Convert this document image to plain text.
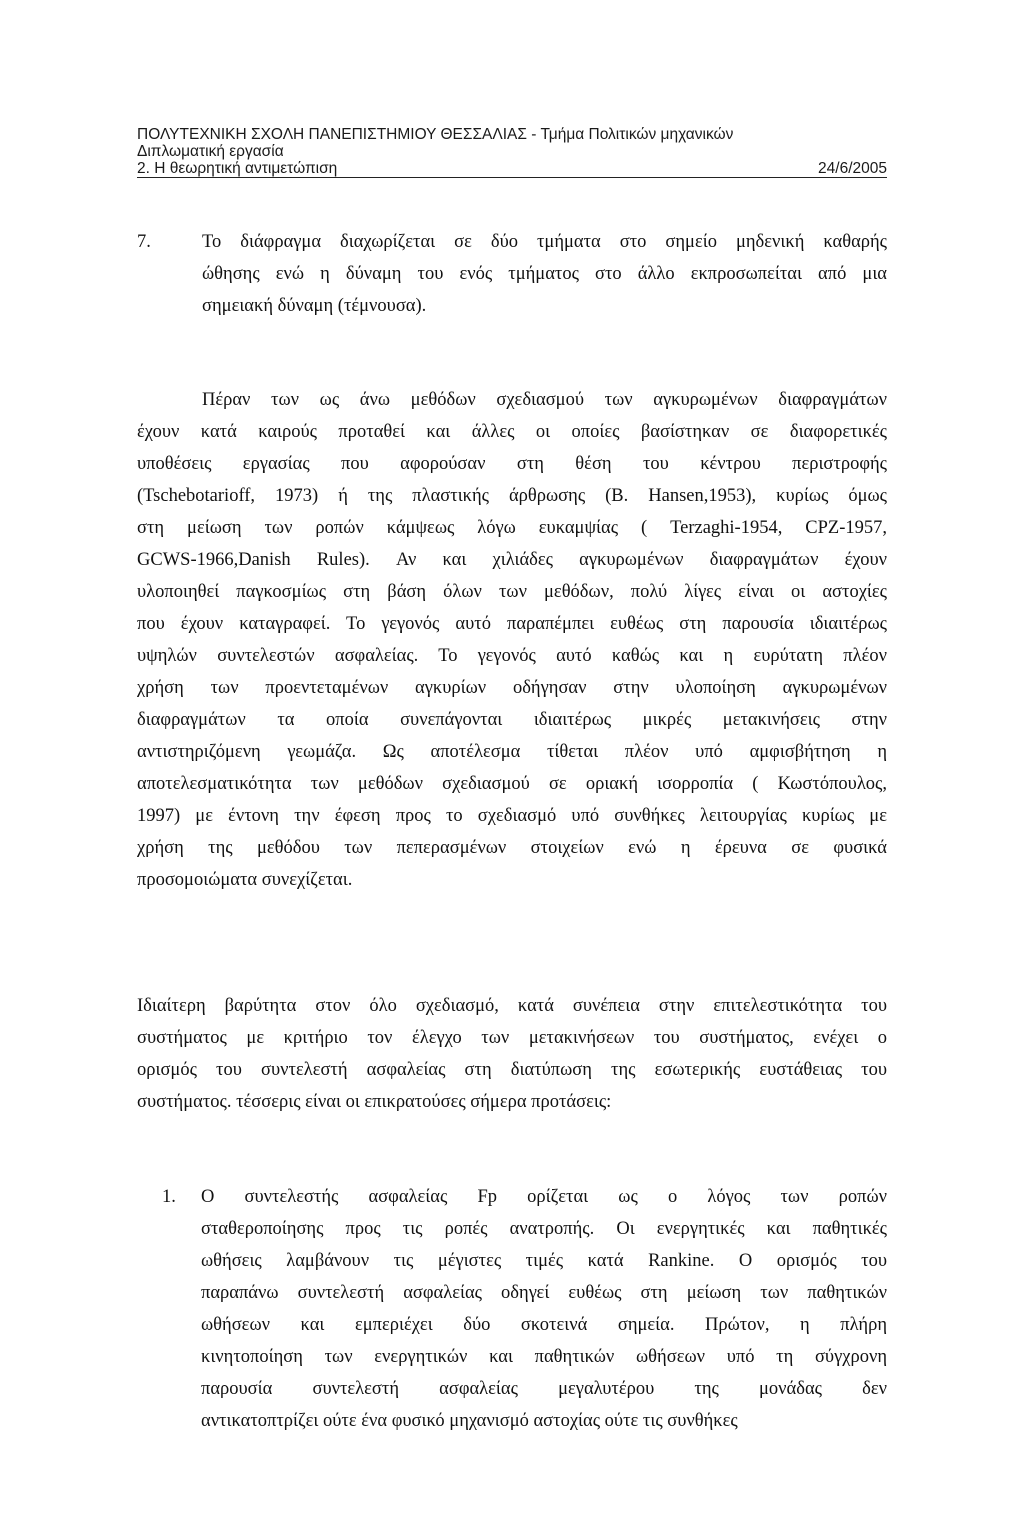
ΠΟΛΥΤΕΧΝΙΚΗ ΣΧΟΛΗ ΠΑΝΕΠΙΣΤΗΜΙΟΥ ΘΕΣΣΑΛΙΑΣ - Τμήμα Πολιτικών μηχανικών
Διπλωματική εργασία
2. Η θεωρητική αντιμετώπιση	24/6/2005
7.	Το διάφραγμα διαχωρίζεται σε δύο τμήματα στο σημείο μηδενική καθαρής
ώθησης ενώ η δύναμη του ενός τμήματος στο άλλο εκπροσωπείται από μια
σημειακή δύναμη (τέμνουσα).
Πέραν των ως άνω μεθόδων σχεδιασμού των αγκυρωμένων διαφραγμάτων
έχουν κατά καιρούς προταθεί και άλλες οι οποίες βασίστηκαν σε διαφορετικές
υποθέσεις εργασίας που αφορούσαν στη θέση του κέντρου περιστροφής
(Tschebotarioff, 1973) ή της πλαστικής άρθρωσης (B. Hansen,1953), κυρίως όμως
στη μείωση των ροπών κάμψεως λόγω ευκαμψίας ( Terzaghi-1954, CPZ-1957,
GCWS-1966,Danish Rules). Αν και χιλιάδες αγκυρωμένων διαφραγμάτων έχουν
υλοποιηθεί παγκοσμίως στη βάση όλων των μεθόδων, πολύ λίγες είναι οι αστοχίες
που έχουν καταγραφεί. Το γεγονός αυτό παραπέμπει ευθέως στη παρουσία ιδιαιτέρως
υψηλών συντελεστών ασφαλείας. Το γεγονός αυτό καθώς και η ευρύτατη πλέον
χρήση των προεντεταμένων αγκυρίων οδήγησαν στην υλοποίηση αγκυρωμένων
διαφραγμάτων τα οποία συνεπάγονται ιδιαιτέρως μικρές μετακινήσεις στην
αντιστηριζόμενη γεωμάζα. Ως αποτέλεσμα τίθεται πλέον υπό αμφισβήτηση η
αποτελεσματικότητα των μεθόδων σχεδιασμού σε οριακή ισορροπία ( Κωστόπουλος,
1997) με έντονη την έφεση προς το σχεδιασμό υπό συνθήκες λειτουργίας κυρίως με
χρήση της μεθόδου των πεπερασμένων στοιχείων ενώ η έρευνα σε φυσικά
προσομοιώματα συνεχίζεται.
Ιδιαίτερη βαρύτητα στον όλο σχεδιασμό, κατά συνέπεια στην επιτελεστικότητα του
συστήματος με κριτήριο τον έλεγχο των μετακινήσεων του συστήματος, ενέχει ο
ορισμός του συντελεστή ασφαλείας στη διατύπωση της εσωτερικής ευστάθειας του
συστήματος. τέσσερις είναι οι επικρατούσες σήμερα προτάσεις:
1. Ο συντελεστής ασφαλείας Fp ορίζεται ως ο λόγος των ροπών
σταθεροποίησης προς τις ροπές ανατροπής. Οι ενεργητικές και παθητικές
ωθήσεις λαμβάνουν τις μέγιστες τιμές κατά Rankine. Ο ορισμός του
παραπάνω συντελεστή ασφαλείας οδηγεί ευθέως στη μείωση των παθητικών
ωθήσεων και εμπεριέχει δύο σκοτεινά σημεία. Πρώτον, η πλήρη
κινητοποίηση των ενεργητικών και παθητικών ωθήσεων υπό τη σύγχρονη
παρουσία συντελεστή ασφαλείας μεγαλυτέρου της μονάδας δεν
αντικατοπτρίζει ούτε ένα φυσικό μηχανισμό αστοχίας ούτε τις συνθήκες
